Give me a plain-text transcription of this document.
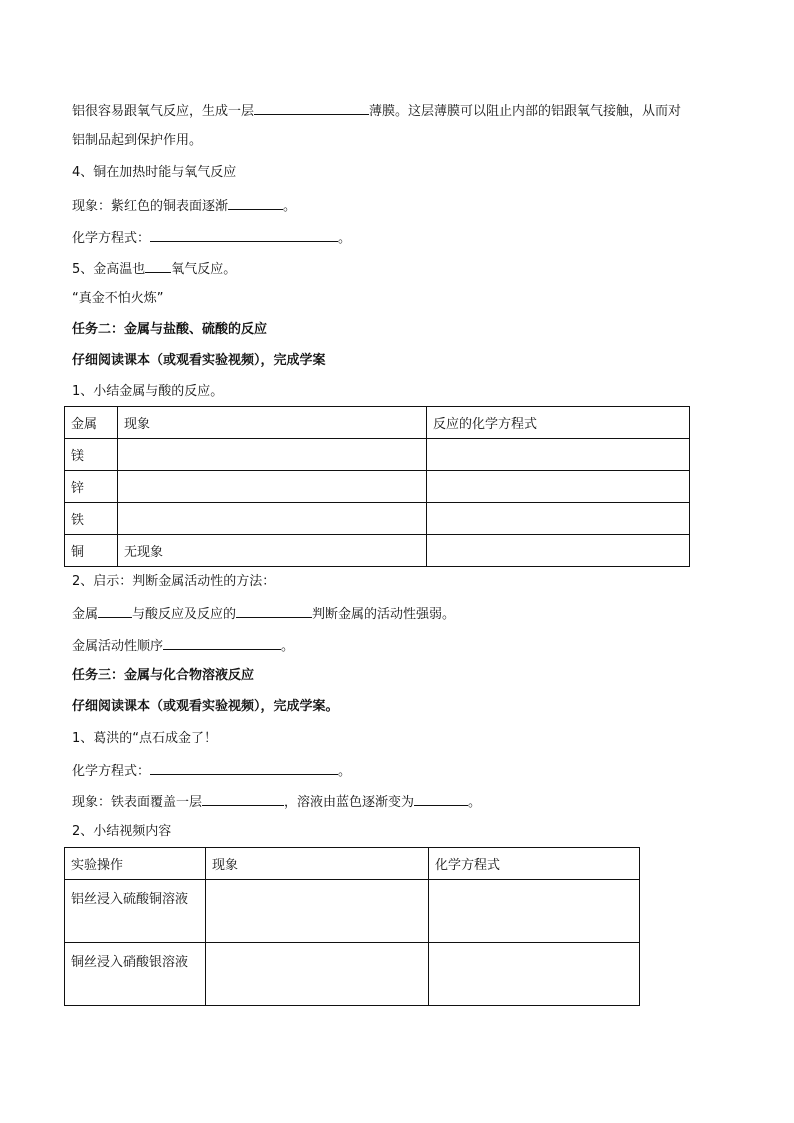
铝很容易跟氧气反应，生成一层	薄膜。这层薄膜可以阻止内部的铝跟氧气接触，从而对
铝制品起到保护作用。
4、铜在加热时能与氧气反应
现象：紫红色的铜表面逐渐	。
化学方程式：	。
5、金高温也 氧气反应。
“真金不怕火炼”
任务二：金属与盐酸、硫酸的反应
仔细阅读课本（或观看实验视频），完成学案
1、小结金属与酸的反应。
金属	现象	反应的化学方程式
镁		
锌		
铁		
铜	无现象	
2、启示：判断金属活动性的方法：
金属	与酸反应及反应的	判断金属的活动性强弱。
金属活动性顺序	。
任务三：金属与化合物溶液反应
仔细阅读课本（或观看实验视频），完成学案。
1、葛洪的“点石成金了！
化学方程式：	。
现象：铁表面覆盖一层	，溶液由蓝色逐渐变为	。
2、小结视频内容
实验操作	现象	化学方程式
铝丝浸入硫酸铜溶液		
铜丝浸入硝酸银溶液		
